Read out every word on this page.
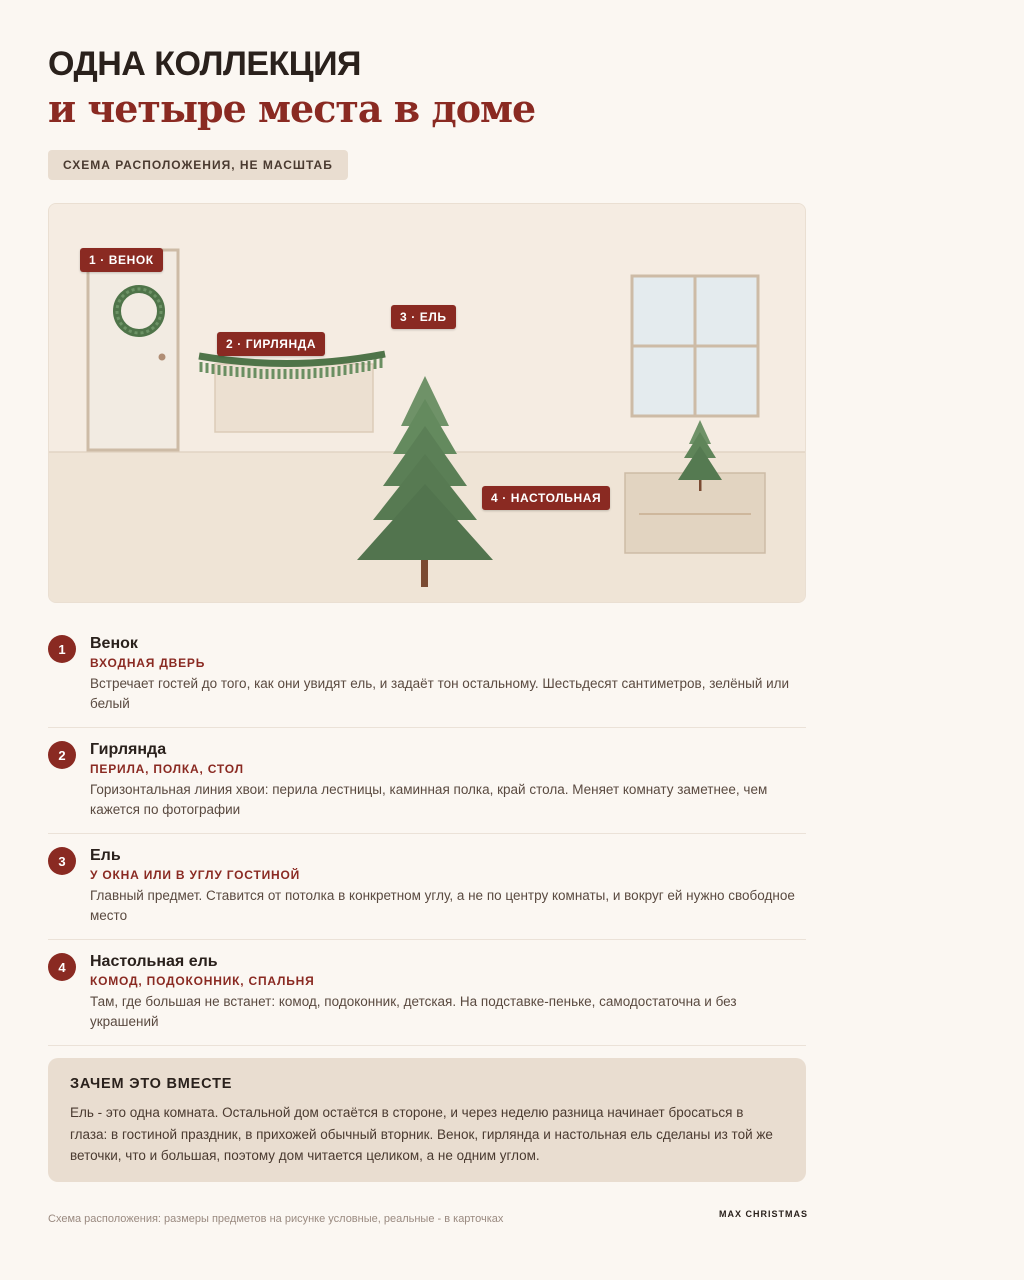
ОДНА КОЛЛЕКЦИЯ
и четыре места в доме
СХЕМА РАСПОЛОЖЕНИЯ, НЕ МАСШТАБ
1 · ВЕНОК
2 · ГИРЛЯНДА
3 · ЕЛЬ
4 · НАСТОЛЬНАЯ
1	Венок
ВХОДНАЯ ДВЕРЬ
Встречает гостей до того, как они увидят ель, и задаёт тон остальному. Шестьдесят сантиметров, зелёный или белый
2	Гирлянда
ПЕРИЛА, ПОЛКА, СТОЛ
Горизонтальная линия хвои: перила лестницы, каминная полка, край стола. Меняет комнату заметнее, чем кажется по фотографии
3	Ель
У ОКНА ИЛИ В УГЛУ ГОСТИНОЙ
Главный предмет. Ставится от потолка в конкретном углу, а не по центру комнаты, и вокруг ей нужно свободное место
4	Настольная ель
КОМОД, ПОДОКОННИК, СПАЛЬНЯ
Там, где большая не встанет: комод, подоконник, детская. На подставке-пеньке, самодостаточна и без украшений
ЗАЧЕМ ЭТО ВМЕСТЕ
Ель - это одна комната. Остальной дом остаётся в стороне, и через неделю разница начинает бросаться в глаза: в гостиной праздник, в прихожей обычный вторник. Венок, гирлянда и настольная ель сделаны из той же веточки, что и большая, поэтому дом читается целиком, а не одним углом.
Схема расположения: размеры предметов на рисунке условные, реальные - в карточках	MAX CHRISTMAS
